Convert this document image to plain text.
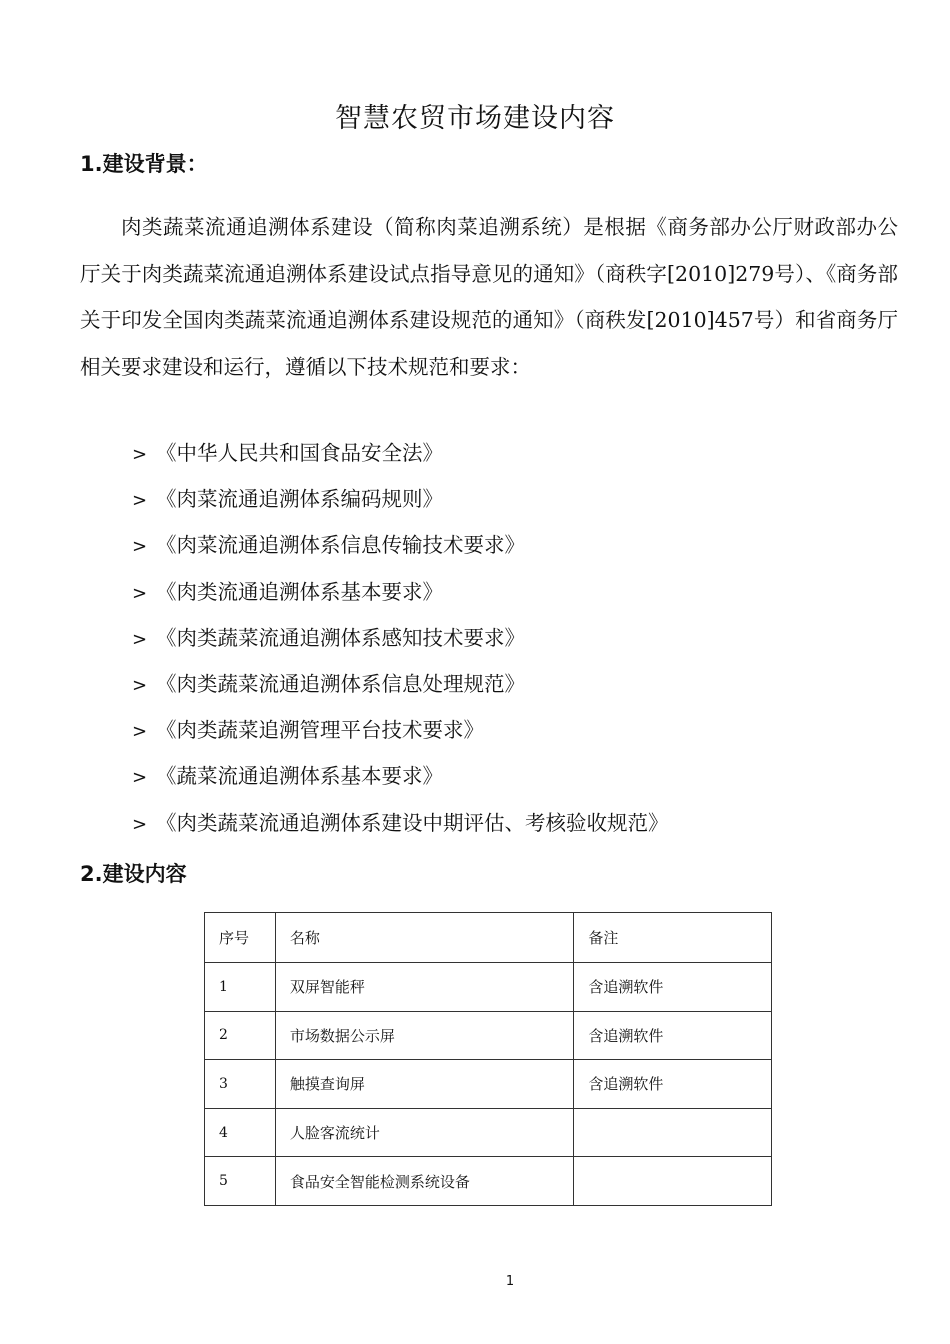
智慧农贸市场建设内容
1.建设背景：

肉类蔬菜流通追溯体系建设（简称肉菜追溯系统）是根据《商务部办公厅财政部办公厅关于肉类蔬菜流通追溯体系建设试点指导意见的通知》（商秩字[2010]279号）、《商务部关于印发全国肉类蔬菜流通追溯体系建设规范的通知》（商秩发[2010]457号）和省商务厅相关要求建设和运行，遵循以下技术规范和要求：

> 《中华人民共和国食品安全法》
> 《肉菜流通追溯体系编码规则》
> 《肉菜流通追溯体系信息传输技术要求》
> 《肉类流通追溯体系基本要求》
> 《肉类蔬菜流通追溯体系感知技术要求》
> 《肉类蔬菜流通追溯体系信息处理规范》
> 《肉类蔬菜追溯管理平台技术要求》
> 《蔬菜流通追溯体系基本要求》
> 《肉类蔬菜流通追溯体系建设中期评估、考核验收规范》
2.建设内容
序号	名称	备注
1	双屏智能秤	含追溯软件
2	市场数据公示屏	含追溯软件
3	触摸查询屏	含追溯软件
4	人脸客流统计	
5	食品安全智能检测系统设备	
1
